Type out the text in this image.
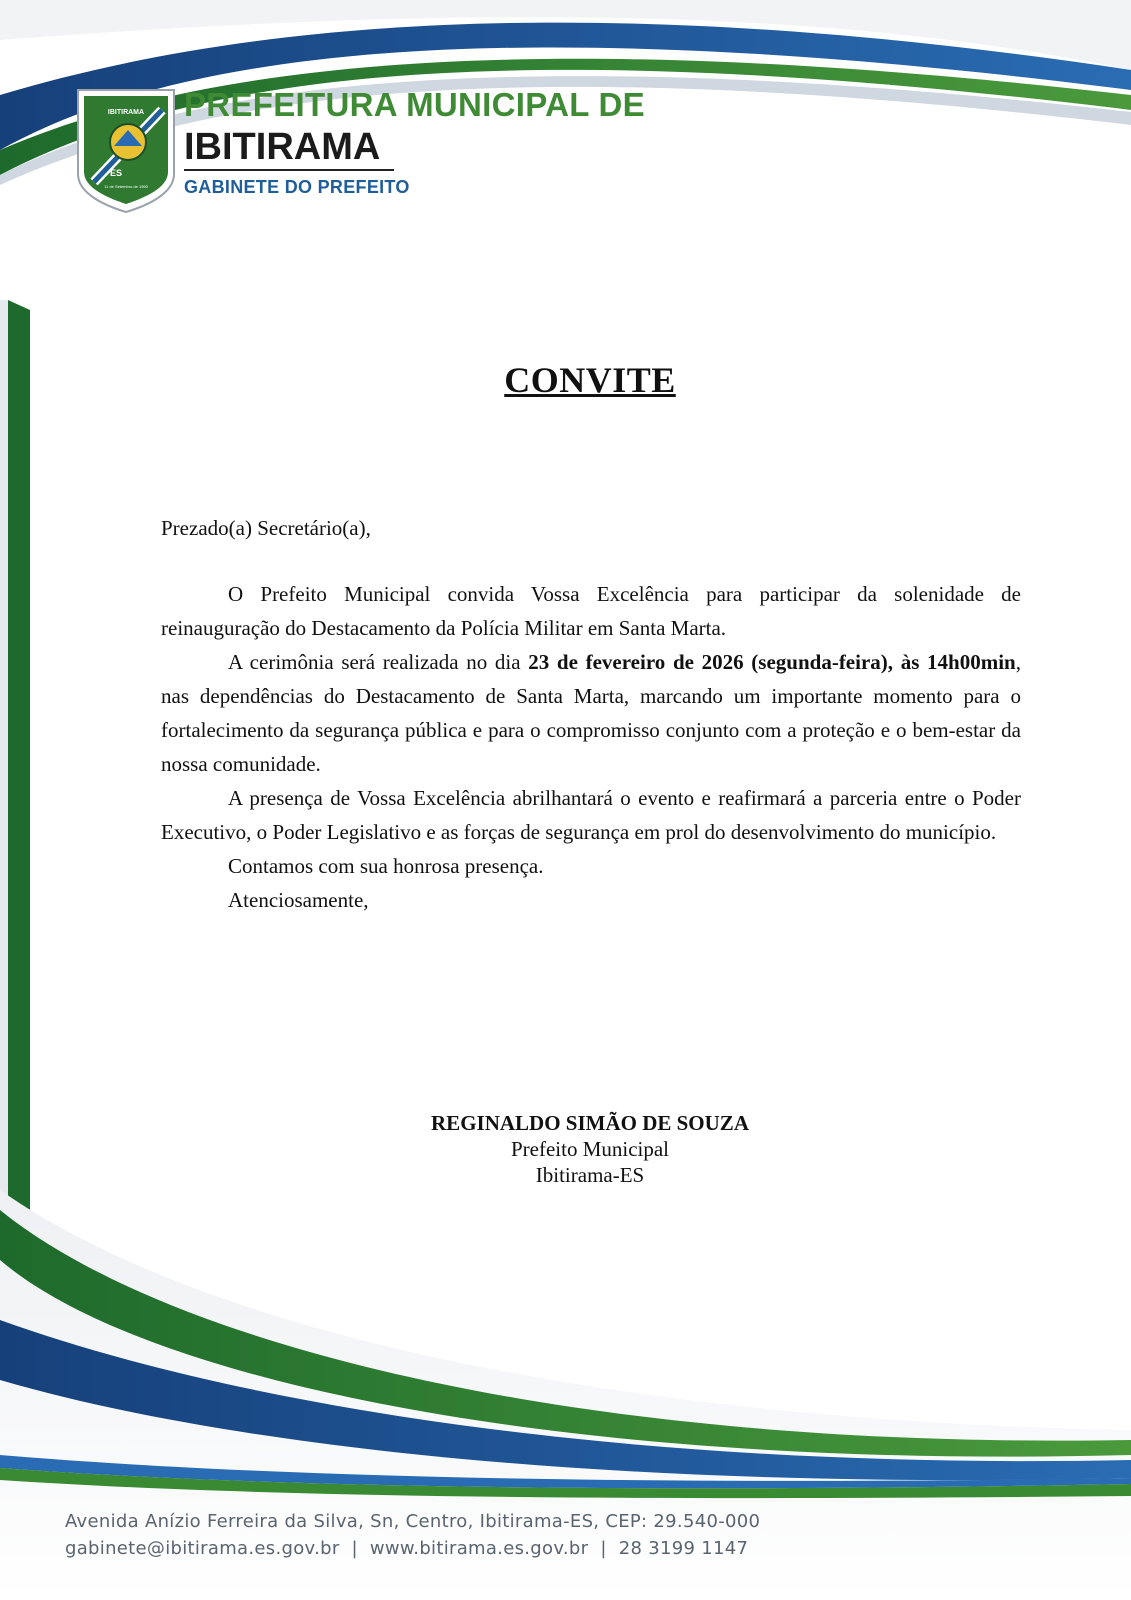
IBITIRAMA
ES
11 de Setembro de 1990
PREFEITURA MUNICIPAL DE
IBITIRAMA
GABINETE DO PREFEITO
CONVITE

Prezado(a) Secretário(a),

O Prefeito Municipal convida Vossa Excelência para participar da solenidade de reinauguração do Destacamento da Polícia Militar em Santa Marta.

A cerimônia será realizada no dia 23 de fevereiro de 2026 (segunda-feira), às 14h00min, nas dependências do Destacamento de Santa Marta, marcando um importante momento para o fortalecimento da segurança pública e para o compromisso conjunto com a proteção e o bem-estar da nossa comunidade.

A presença de Vossa Excelência abrilhantará o evento e reafirmará a parceria entre o Poder Executivo, o Poder Legislativo e as forças de segurança em prol do desenvolvimento do município.

Contamos com sua honrosa presença.

Atenciosamente,

REGINALDO SIMÃO DE SOUZA
Prefeito Municipal
Ibitirama-ES
Avenida Anízio Ferreira da Silva, Sn, Centro, Ibitirama-ES, CEP: 29.540-000
gabinete@ibitirama.es.gov.br | www.bitirama.es.gov.br | 28 3199 1147
